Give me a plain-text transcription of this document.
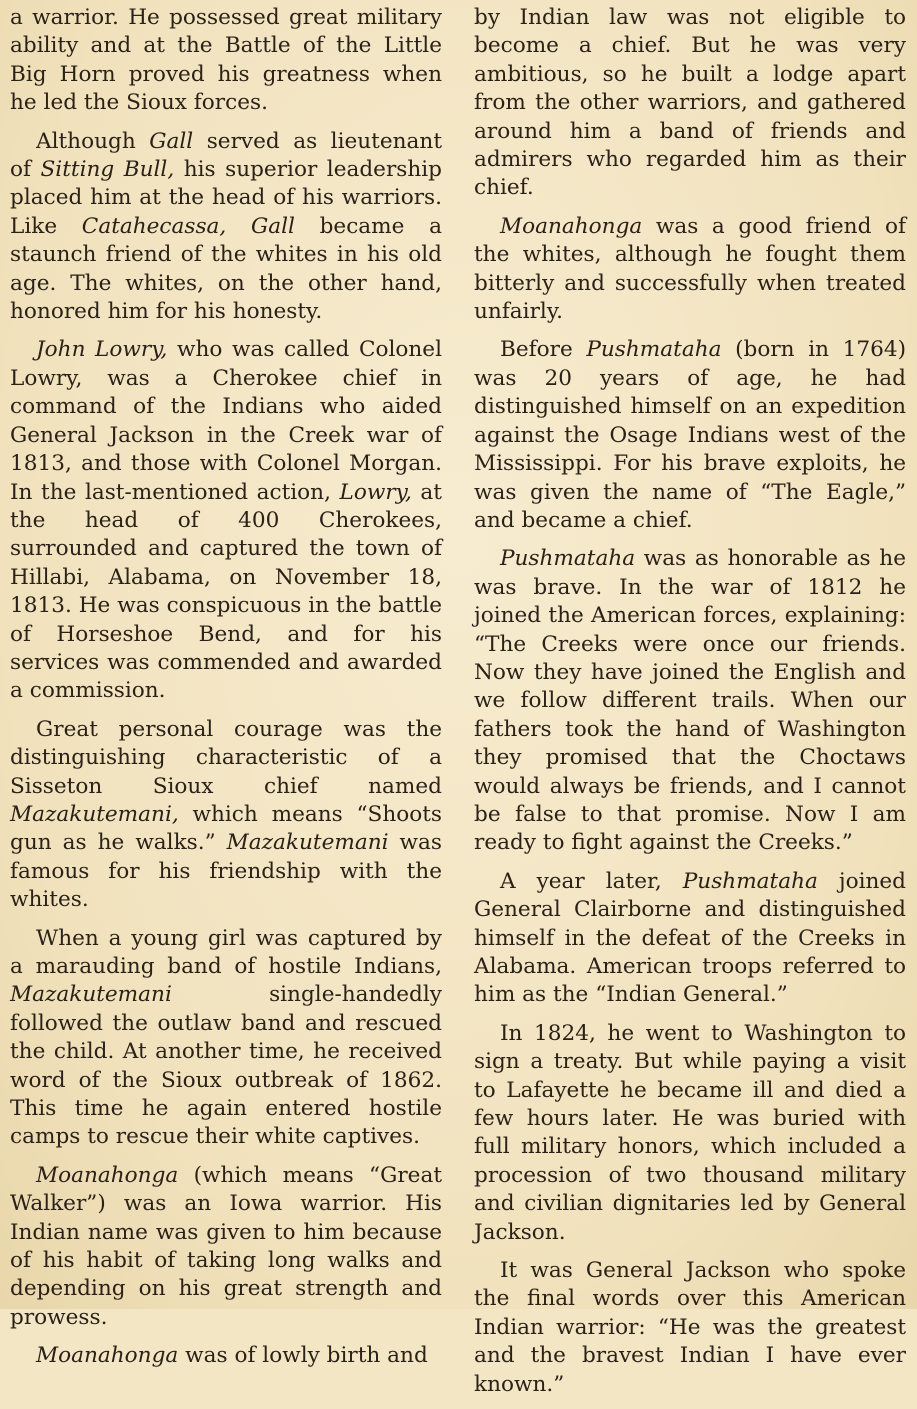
a warrior. He possessed great military ability and at the Battle of the Little Big Horn proved his greatness when he led the Sioux forces.

Although Gall served as lieutenant of Sitting Bull, his superior leadership placed him at the head of his warriors. Like Catahecassa, Gall became a staunch friend of the whites in his old age. The whites, on the other hand, honored him for his honesty.

John Lowry, who was called Colonel Lowry, was a Cherokee chief in command of the Indians who aided General Jackson in the Creek war of 1813, and those with Colonel Morgan. In the last-mentioned action, Lowry, at the head of 400 Cherokees, surrounded and captured the town of Hillabi, Alabama, on November 18, 1813. He was conspicuous in the battle of Horseshoe Bend, and for his services was commended and awarded a commission.

Great personal courage was the distinguishing characteristic of a Sisseton Sioux chief named Mazakutemani, which means “Shoots gun as he walks.” Mazakutemani was famous for his friendship with the whites.

When a young girl was captured by a marauding band of hostile Indians, Mazakutemani single-handedly followed the outlaw band and rescued the child. At another time, he received word of the Sioux outbreak of 1862. This time he again entered hostile camps to rescue their white captives.

Moanahonga (which means “Great Walker”) was an Iowa warrior. His Indian name was given to him because of his habit of taking long walks and depending on his great strength and prowess.

Moanahonga was of lowly birth and

by Indian law was not eligible to become a chief. But he was very ambitious, so he built a lodge apart from the other warriors, and gathered around him a band of friends and admirers who regarded him as their chief.

Moanahonga was a good friend of the whites, although he fought them bitterly and successfully when treated unfairly.

Before Pushmataha (born in 1764) was 20 years of age, he had distinguished himself on an expedition against the Osage Indians west of the Mississippi. For his brave exploits, he was given the name of “The Eagle,” and became a chief.

Pushmataha was as honorable as he was brave. In the war of 1812 he joined the American forces, explaining: “The Creeks were once our friends. Now they have joined the English and we follow different trails. When our fathers took the hand of Washington they promised that the Choctaws would always be friends, and I cannot be false to that promise. Now I am ready to fight against the Creeks.”

A year later, Pushmataha joined General Clairborne and distinguished himself in the defeat of the Creeks in Alabama. American troops referred to him as the “Indian General.”

In 1824, he went to Washington to sign a treaty. But while paying a visit to Lafayette he became ill and died a few hours later. He was buried with full military honors, which included a procession of two thousand military and civilian dignitaries led by General Jackson.

It was General Jackson who spoke the final words over this American Indian warrior: “He was the greatest and the bravest Indian I have ever known.”
